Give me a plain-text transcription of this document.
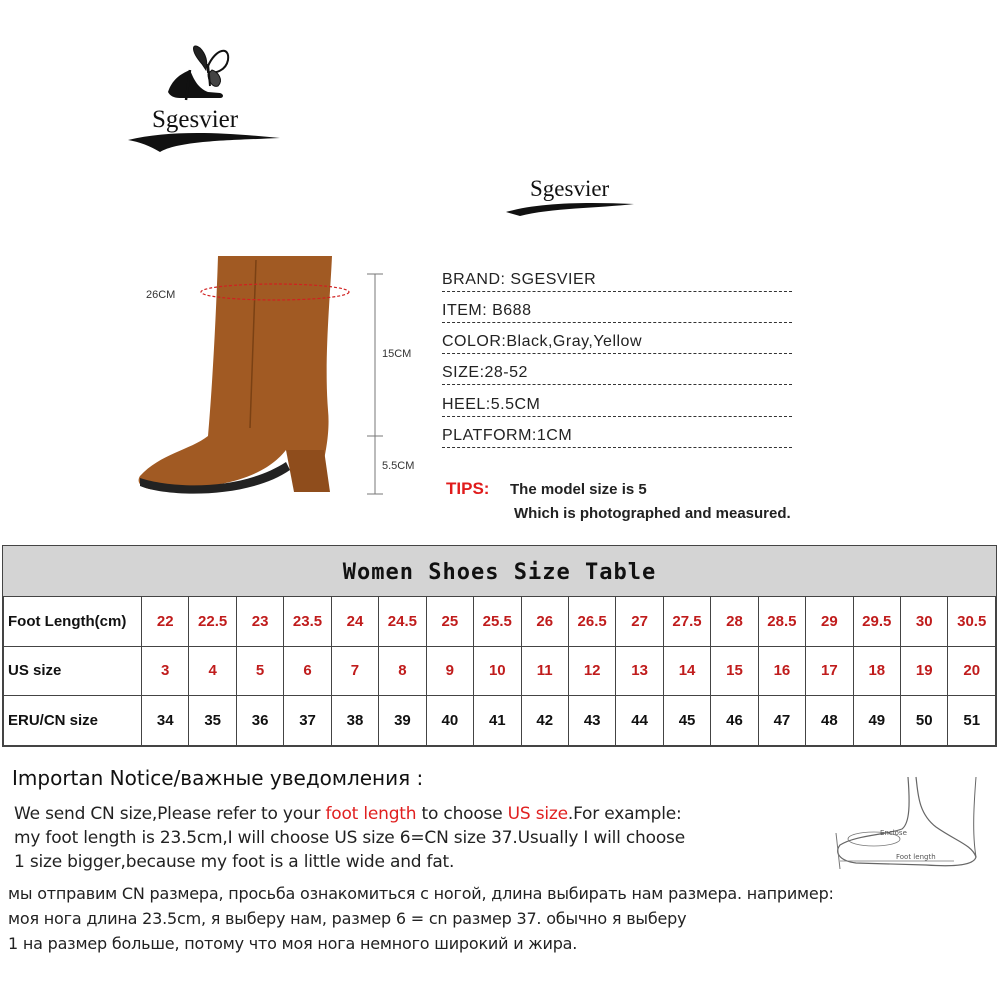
Sgesvier
Sgesvier
26CM
15CM
5.5CM
BRAND: SGESVIER
ITEM: B688
COLOR:Black,Gray,Yellow
SIZE:28-52
HEEL:5.5CM
PLATFORM:1CM
TIPS: The model size is 5
Which is photographed and measured.
Women Shoes Size Table
Foot Length(cm)	22	22.5	23	23.5	24	24.5	25	25.5	26	26.5	27	27.5	28	28.5	29	29.5	30	30.5
US size	3	4	5	6	7	8	9	10	11	12	13	14	15	16	17	18	19	20
ERU/CN size	34	35	36	37	38	39	40	41	42	43	44	45	46	47	48	49	50	51
Importan Notice/важные уведомления :
We send CN size,Please refer to your foot length to choose US size.For example:
my foot length is 23.5cm,I will choose US size 6=CN size 37.Usually I will choose
1 size bigger,because my foot is a little wide and fat.
мы отправим CN размера, просьба ознакомиться с ногой, длина выбирать нам размера. например:
моя нога длина 23.5cm, я выберу нам, размер 6 = cn размер 37. обычно я выберу
1 на размер больше, потому что моя нога немного широкий и жира.
Enclose
Foot length
